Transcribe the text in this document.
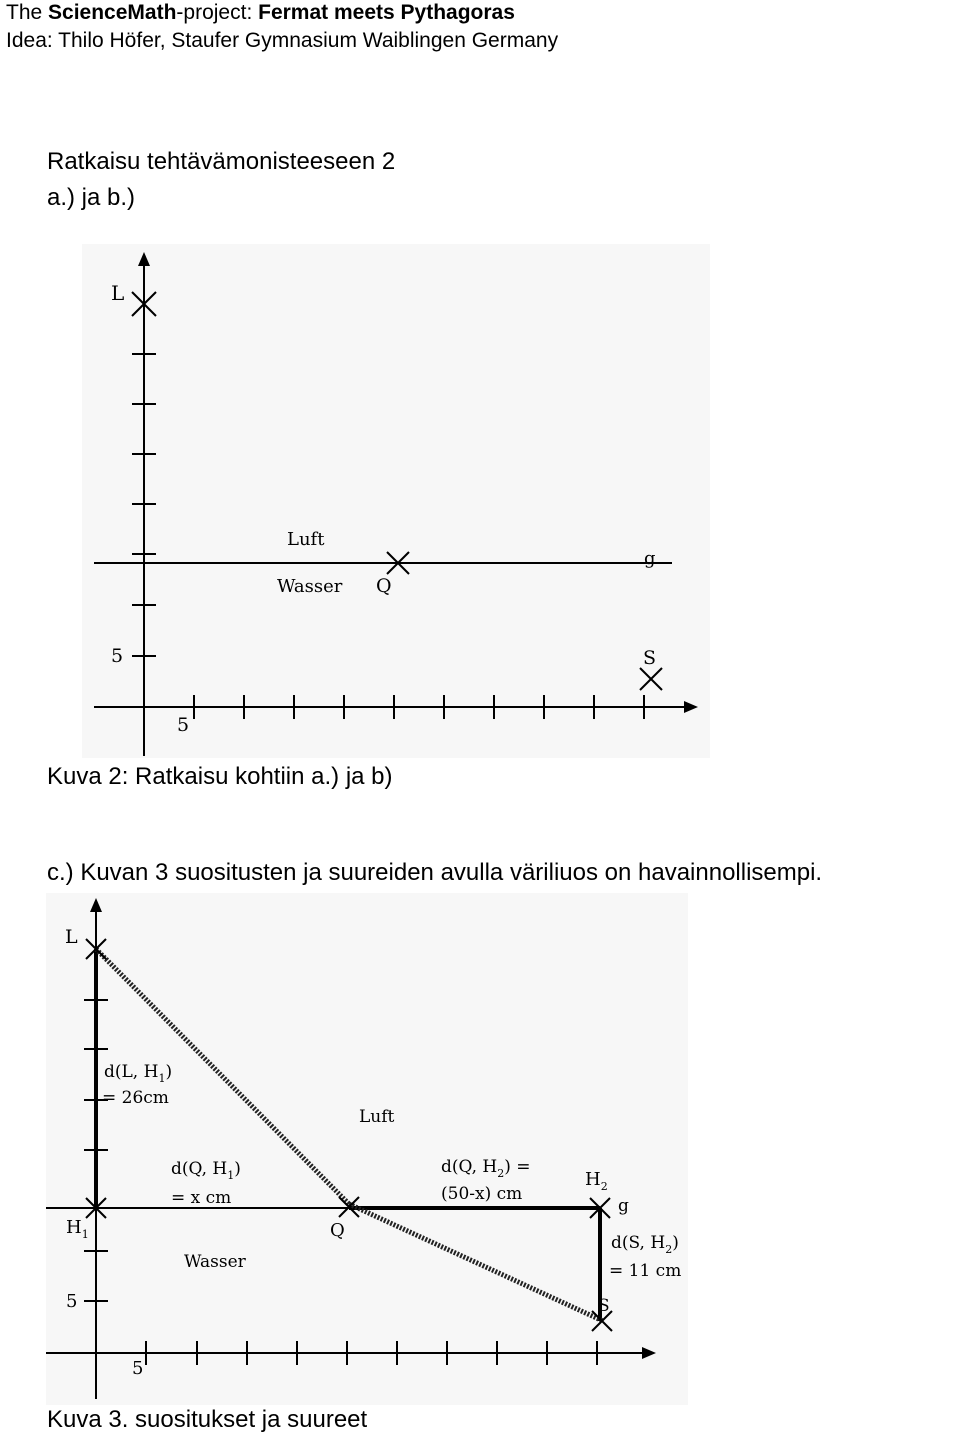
The ScienceMath-project: Fermat meets Pythagoras
Idea: Thilo Höfer, Staufer Gymnasium Waiblingen Germany
Ratkaisu tehtävämonisteeseen 2
a.) ja b.)
L
Luft
Wasser Q
g
S
5
5
Kuva 2: Ratkaisu kohtiin a.) ja b)
c.) Kuvan 3 suositusten ja suureiden avulla väriliuos on havainnollisempi.
L
d(L, $H_1$)
= 26cm
Luft
d(Q, $H_1$)
= x cm
d(Q, $H_2$) =
(50-x) cm
$H_2$
g
$H_1$	Q
d(S, $H_2$)
= 11 cm
Wasser
S
5
5
Kuva 3. suositukset ja suureet
